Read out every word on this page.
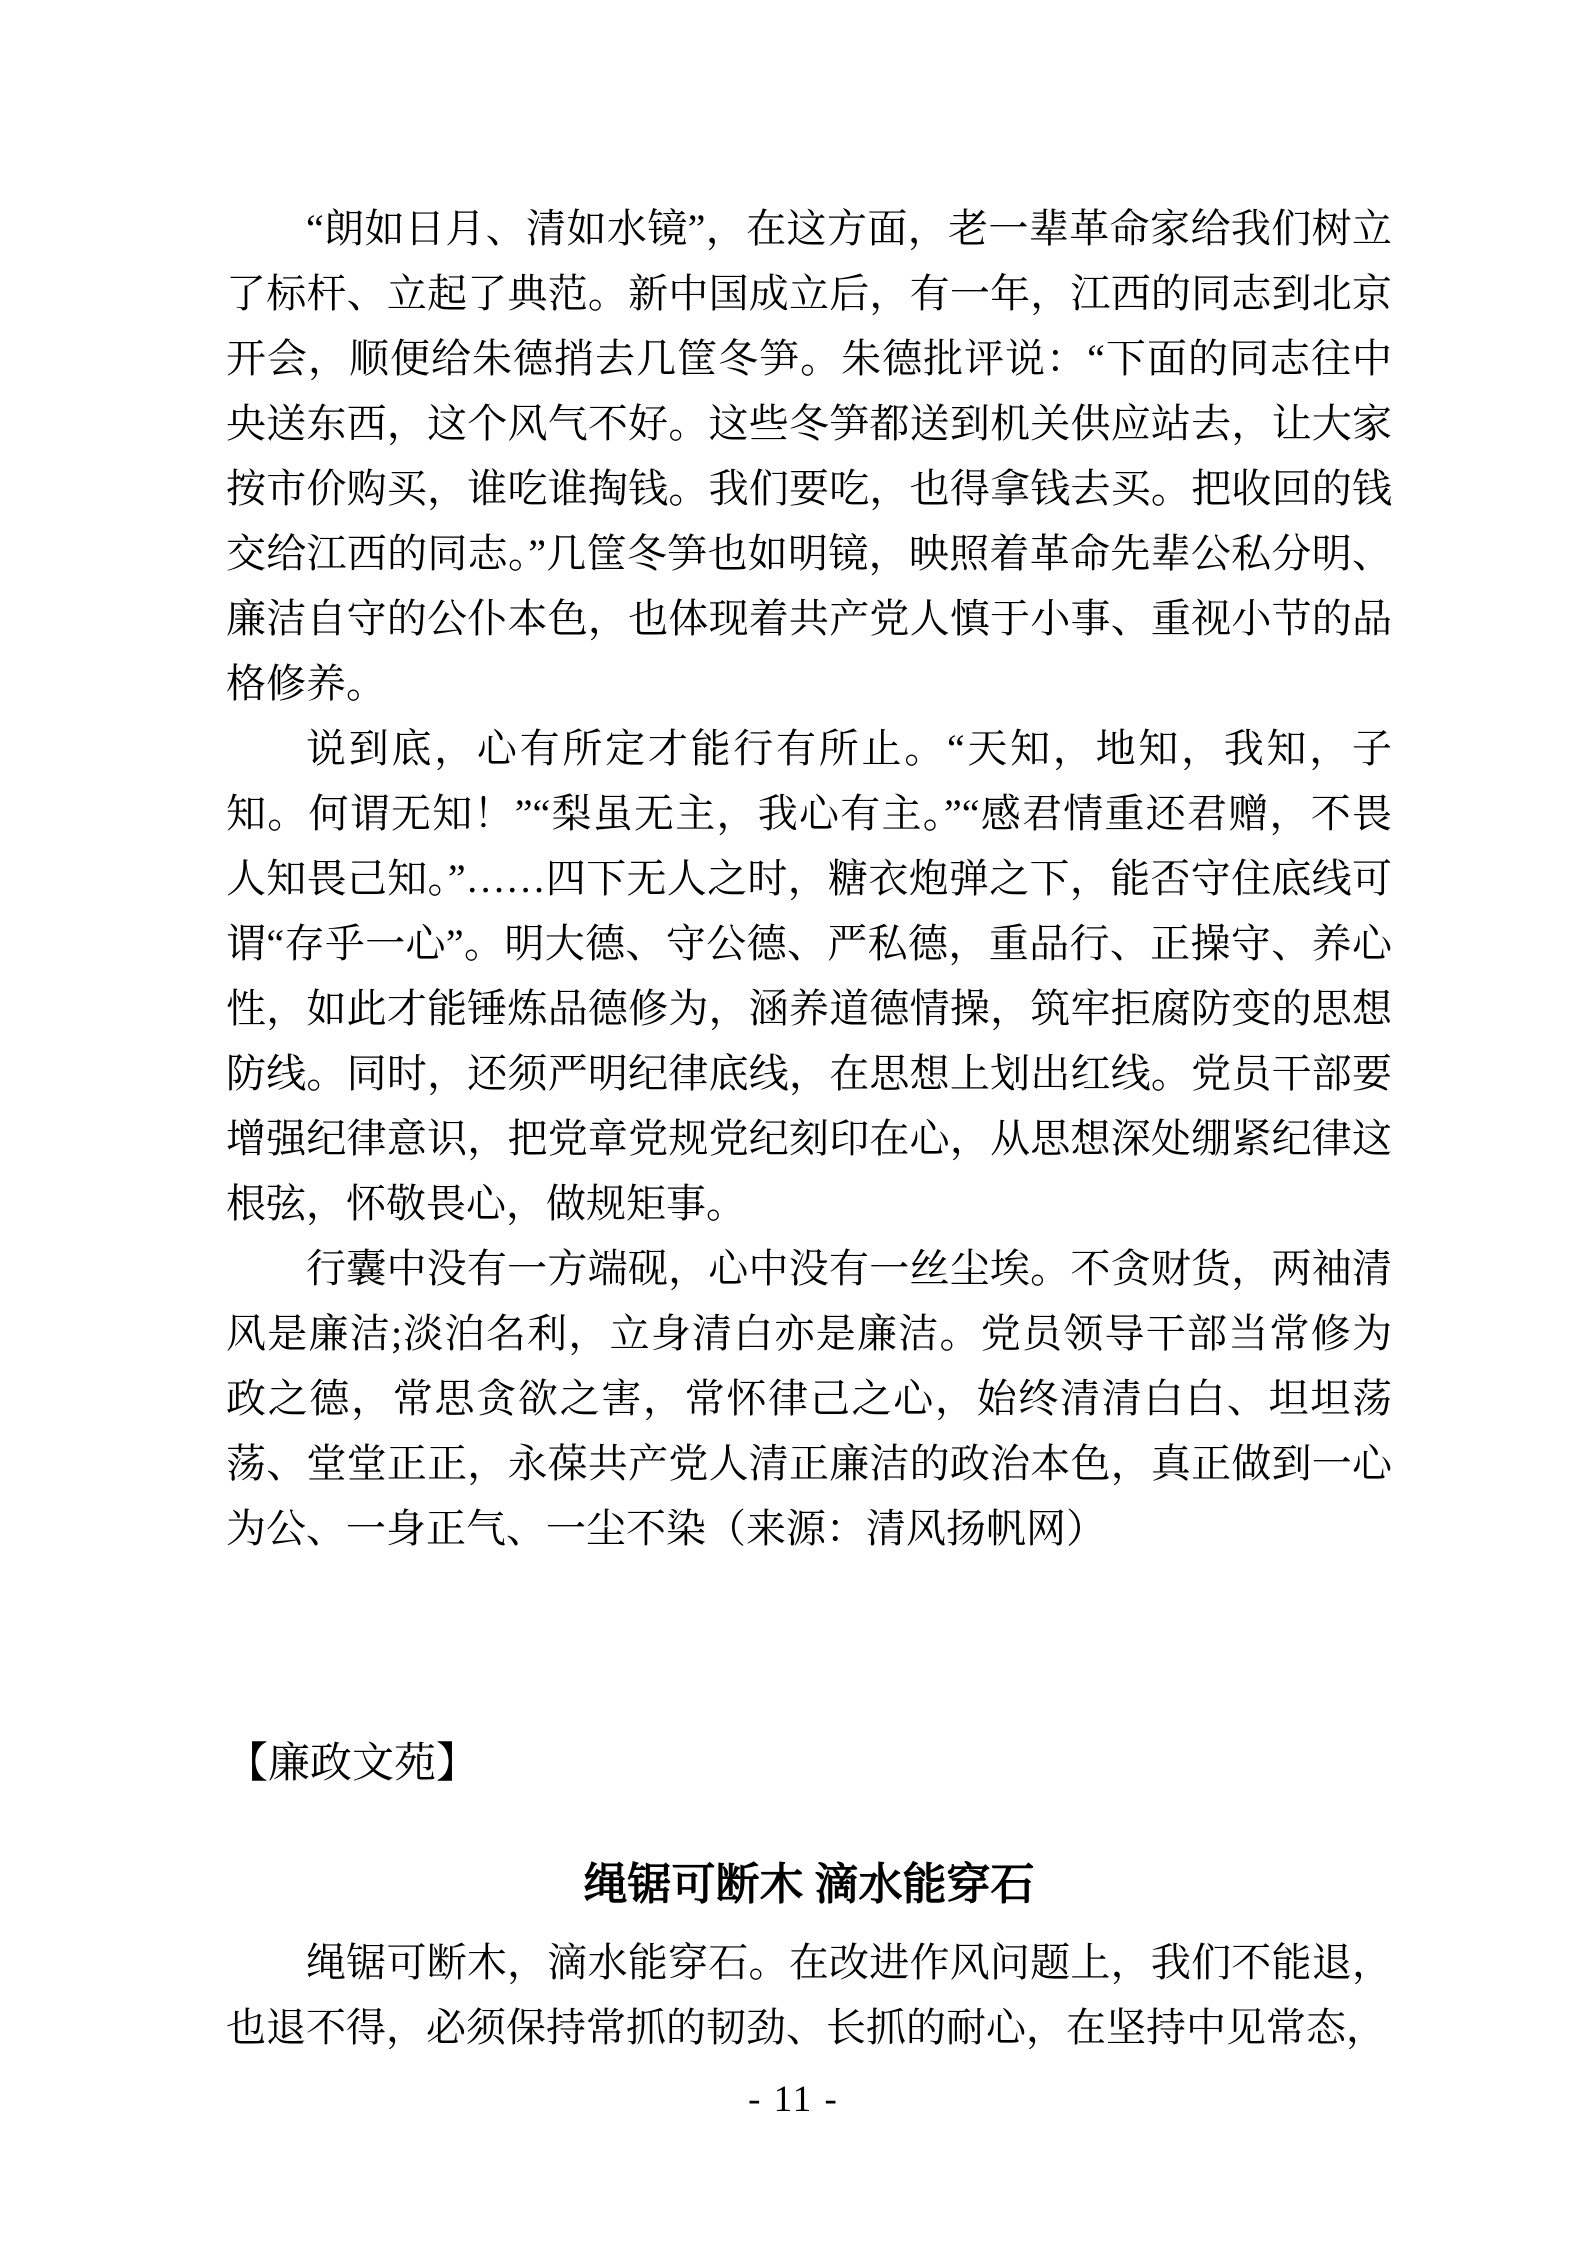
“朗如日月、清如水镜”，在这方面，老一辈革命家给我们树立了标杆、立起了典范。新中国成立后，有一年，江西的同志到北京开会，顺便给朱德捎去几筐冬笋。朱德批评说：“下面的同志往中央送东西，这个风气不好。这些冬笋都送到机关供应站去，让大家按市价购买，谁吃谁掏钱。我们要吃，也得拿钱去买。把收回的钱交给江西的同志。”几筐冬笋也如明镜，映照着革命先辈公私分明、廉洁自守的公仆本色，也体现着共产党人慎于小事、重视小节的品格修养。

说到底，心有所定才能行有所止。“天知，地知，我知，子知。何谓无知！”“梨虽无主，我心有主。”“感君情重还君赠，不畏人知畏己知。”……四下无人之时，糖衣炮弹之下，能否守住底线可谓“存乎一心”。明大德、守公德、严私德，重品行、正操守、养心性，如此才能锤炼品德修为，涵养道德情操，筑牢拒腐防变的思想防线。同时，还须严明纪律底线，在思想上划出红线。党员干部要增强纪律意识，把党章党规党纪刻印在心，从思想深处绷紧纪律这根弦，怀敬畏心，做规矩事。

行囊中没有一方端砚，心中没有一丝尘埃。不贪财货，两袖清风是廉洁;淡泊名利，立身清白亦是廉洁。党员领导干部当常修为政之德，常思贪欲之害，常怀律己之心，始终清清白白、坦坦荡荡、堂堂正正，永葆共产党人清正廉洁的政治本色，真正做到一心为公、一身正气、一尘不染（来源：清风扬帆网）

【廉政文苑】
绳锯可断木 滴水能穿石

绳锯可断木，滴水能穿石。在改进作风问题上，我们不能退，也退不得，必须保持常抓的韧劲、长抓的耐心，在坚持中见常态，

- 11 -
